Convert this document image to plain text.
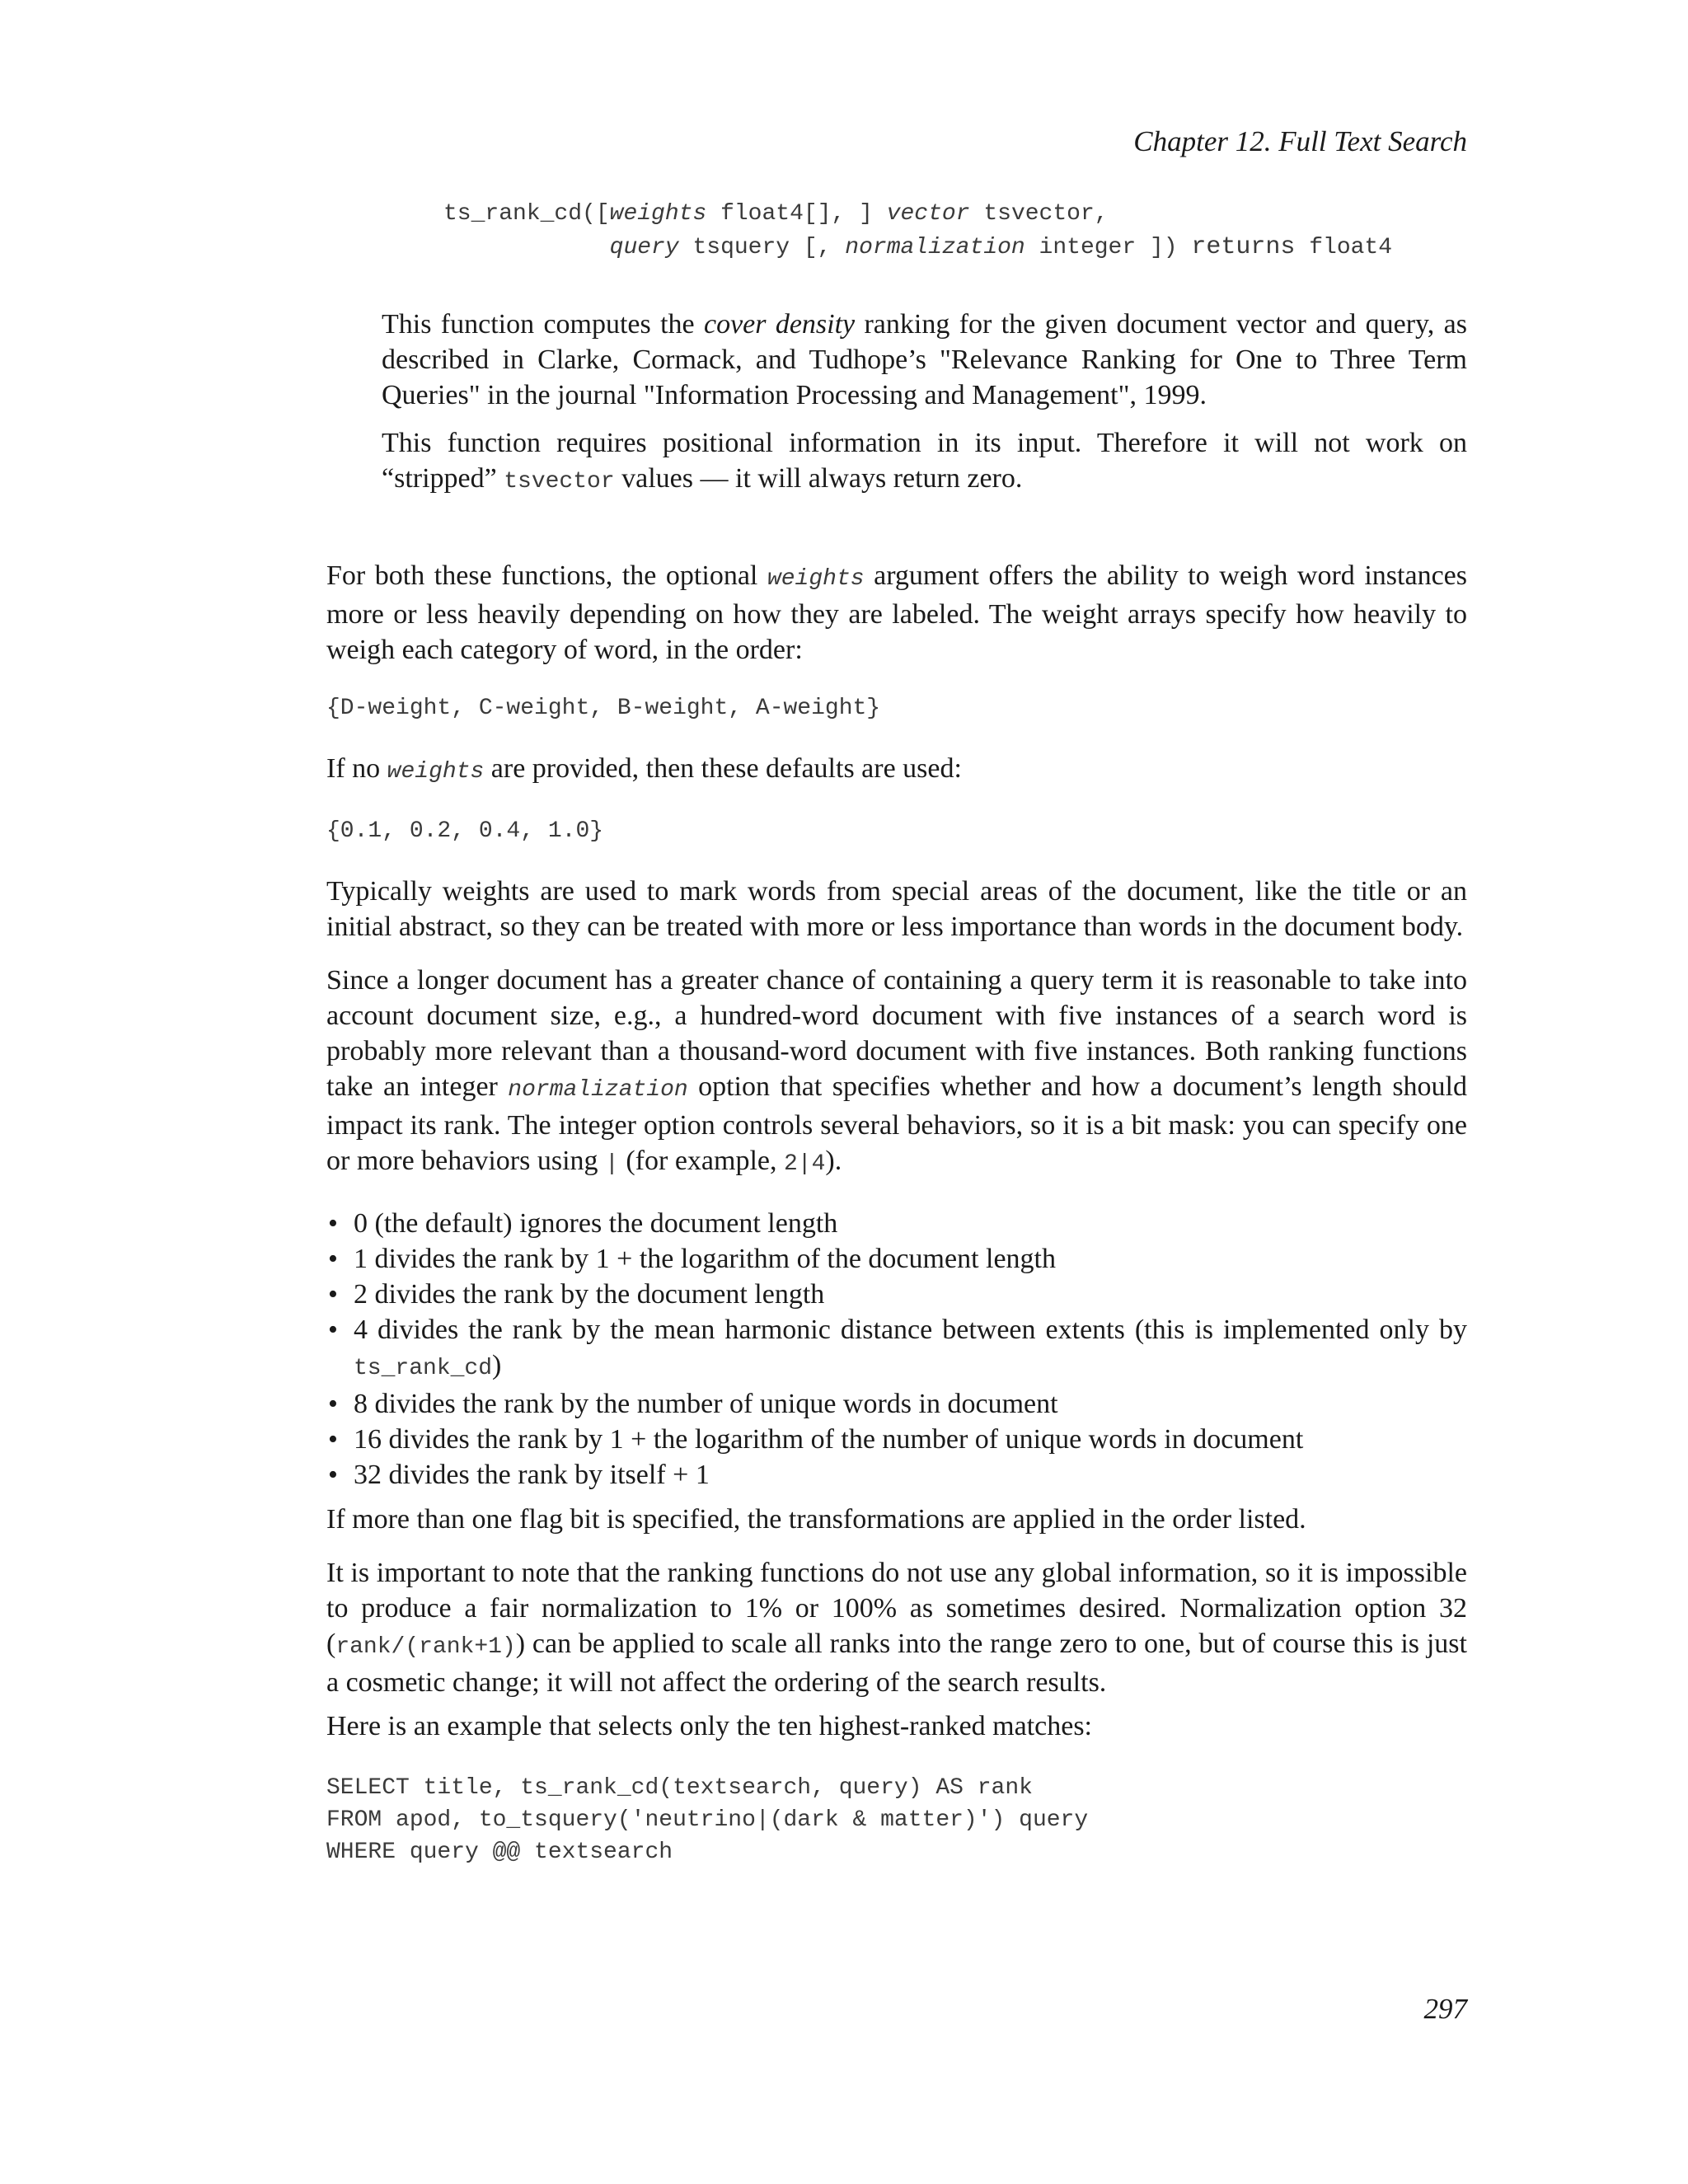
Chapter 12. Full Text Search
ts_rank_cd([weights float4[], ] vector tsvector,
query tsquery [, normalization integer ]) returns float4

This function computes the cover density ranking for the given document vector and query, as described in Clarke, Cormack, and Tudhope’s "Relevance Ranking for One to Three Term Queries" in the journal "Information Processing and Management", 1999.

This function requires positional information in its input. Therefore it will not work on “stripped” tsvector values — it will always return zero.

For both these functions, the optional weights argument offers the ability to weigh word instances more or less heavily depending on how they are labeled. The weight arrays specify how heavily to weigh each category of word, in the order:

{D-weight, C-weight, B-weight, A-weight}

If no weights are provided, then these defaults are used:

{0.1, 0.2, 0.4, 1.0}

Typically weights are used to mark words from special areas of the document, like the title or an initial abstract, so they can be treated with more or less importance than words in the document body.

Since a longer document has a greater chance of containing a query term it is reasonable to take into account document size, e.g., a hundred-word document with five instances of a search word is probably more relevant than a thousand-word document with five instances. Both ranking functions take an integer normalization option that specifies whether and how a document’s length should impact its rank. The integer option controls several behaviors, so it is a bit mask: you can specify one or more behaviors using | (for example, 2|4).

• 0 (the default) ignores the document length
• 1 divides the rank by 1 + the logarithm of the document length
• 2 divides the rank by the document length
• 4 divides the rank by the mean harmonic distance between extents (this is implemented only by ts_rank_cd)
• 8 divides the rank by the number of unique words in document
• 16 divides the rank by 1 + the logarithm of the number of unique words in document
• 32 divides the rank by itself + 1

If more than one flag bit is specified, the transformations are applied in the order listed.

It is important to note that the ranking functions do not use any global information, so it is impossible to produce a fair normalization to 1% or 100% as sometimes desired. Normalization option 32 (rank/(rank+1)) can be applied to scale all ranks into the range zero to one, but of course this is just a cosmetic change; it will not affect the ordering of the search results.

Here is an example that selects only the ten highest-ranked matches:

SELECT title, ts_rank_cd(textsearch, query) AS rank
FROM apod, to_tsquery('neutrino|(dark & matter)') query
WHERE query @@ textsearch
297
